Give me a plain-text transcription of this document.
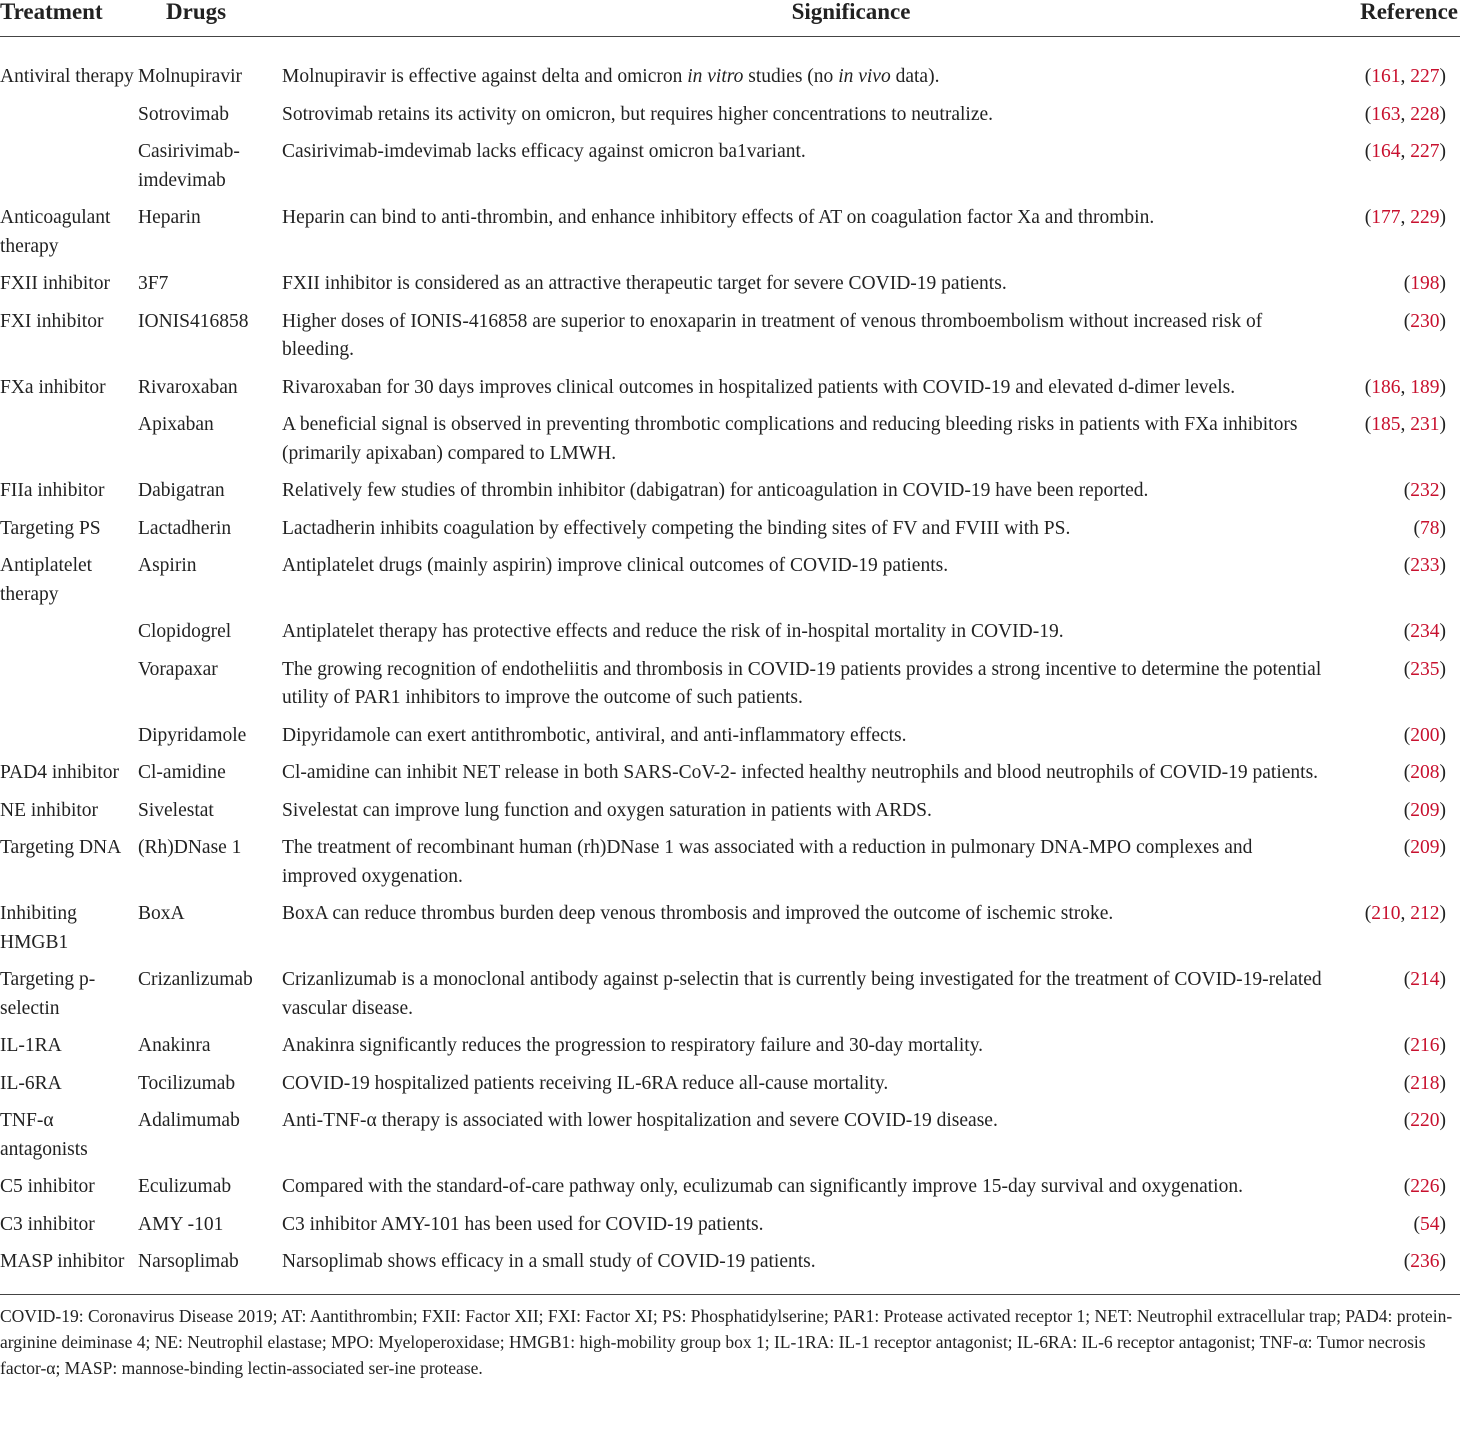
Treatment	Drugs	Significance	Reference
Antiviral therapy	Molnupiravir	Molnupiravir is effective against delta and omicron in vitro studies (no in vivo data).	(161, 227)
	Sotrovimab	Sotrovimab retains its activity on omicron, but requires higher concentrations to neutralize.	(163, 228)
	Casirivimab-imdevimab	Casirivimab-imdevimab lacks efficacy against omicron ba1variant.	(164, 227)
Anticoagulant therapy	Heparin	Heparin can bind to anti-thrombin, and enhance inhibitory effects of AT on coagulation factor Xa and thrombin.	(177, 229)
FXII inhibitor	3F7	FXII inhibitor is considered as an attractive therapeutic target for severe COVID-19 patients.	(198)
FXI inhibitor	IONIS416858	Higher doses of IONIS-416858 are superior to enoxaparin in treatment of venous thromboembolism without increased risk of bleeding.	(230)
FXa inhibitor	Rivaroxaban	Rivaroxaban for 30 days improves clinical outcomes in hospitalized patients with COVID-19 and elevated d-dimer levels.	(186, 189)
	Apixaban	A beneficial signal is observed in preventing thrombotic complications and reducing bleeding risks in patients with FXa inhibitors (primarily apixaban) compared to LMWH.	(185, 231)
FIIa inhibitor	Dabigatran	Relatively few studies of thrombin inhibitor (dabigatran) for anticoagulation in COVID-19 have been reported.	(232)
Targeting PS	Lactadherin	Lactadherin inhibits coagulation by effectively competing the binding sites of FV and FVIII with PS.	(78)
Antiplatelet therapy	Aspirin	Antiplatelet drugs (mainly aspirin) improve clinical outcomes of COVID-19 patients.	(233)
	Clopidogrel	Antiplatelet therapy has protective effects and reduce the risk of in-hospital mortality in COVID-19.	(234)
	Vorapaxar	The growing recognition of endotheliitis and thrombosis in COVID-19 patients provides a strong incentive to determine the potential utility of PAR1 inhibitors to improve the outcome of such patients.	(235)
	Dipyridamole	Dipyridamole can exert antithrombotic, antiviral, and anti-inflammatory effects.	(200)
PAD4 inhibitor	Cl-amidine	Cl-amidine can inhibit NET release in both SARS-CoV-2- infected healthy neutrophils and blood neutrophils of COVID-19 patients.	(208)
NE inhibitor	Sivelestat	Sivelestat can improve lung function and oxygen saturation in patients with ARDS.	(209)
Targeting DNA	(Rh)DNase 1	The treatment of recombinant human (rh)DNase 1 was associated with a reduction in pulmonary DNA-MPO complexes and improved oxygenation.	(209)
Inhibiting HMGB1	BoxA	BoxA can reduce thrombus burden deep venous thrombosis and improved the outcome of ischemic stroke.	(210, 212)
Targeting p-selectin	Crizanlizumab	Crizanlizumab is a monoclonal antibody against p-selectin that is currently being investigated for the treatment of COVID-19-related vascular disease.	(214)
IL-1RA	Anakinra	Anakinra significantly reduces the progression to respiratory failure and 30-day mortality.	(216)
IL-6RA	Tocilizumab	COVID-19 hospitalized patients receiving IL-6RA reduce all-cause mortality.	(218)
TNF-α antagonists	Adalimumab	Anti-TNF-α therapy is associated with lower hospitalization and severe COVID-19 disease.	(220)
C5 inhibitor	Eculizumab	Compared with the standard-of-care pathway only, eculizumab can significantly improve 15-day survival and oxygenation.	(226)
C3 inhibitor	AMY -101	C3 inhibitor AMY-101 has been used for COVID-19 patients.	(54)
MASP inhibitor	Narsoplimab	Narsoplimab shows efficacy in a small study of COVID-19 patients.	(236)
COVID-19: Coronavirus Disease 2019; AT: Aantithrombin; FXII: Factor XII; FXI: Factor XI; PS: Phosphatidylserine; PAR1: Protease activated receptor 1; NET: Neutrophil extracellular trap; PAD4: protein-arginine deiminase 4; NE: Neutrophil elastase; MPO: Myeloperoxidase; HMGB1: high-mobility group box 1; IL-1RA: IL-1 receptor antagonist; IL-6RA: IL-6 receptor antagonist; TNF-α: Tumor necrosis factor-α; MASP: mannose-binding lectin-associated ser-ine protease.
